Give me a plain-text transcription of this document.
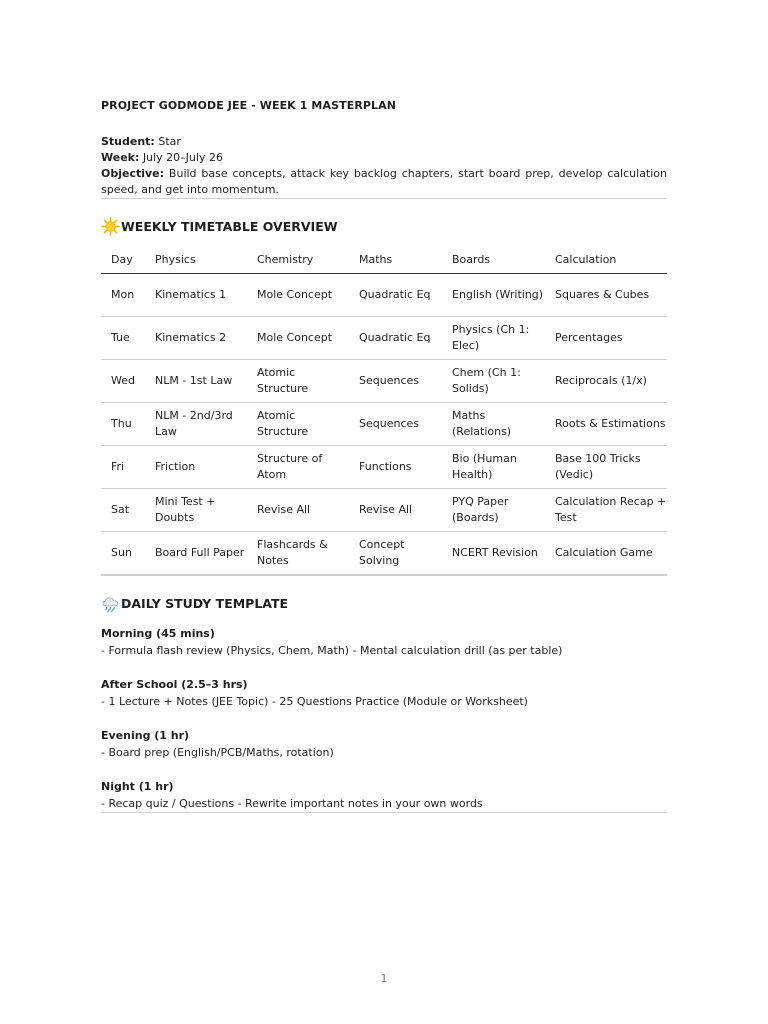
PROJECT GODMODE JEE - WEEK 1 MASTERPLAN

Student: Star

Week: July 20–July 26

Objective: Build base concepts, attack key backlog chapters, start board prep, develop calculation speed, and get into momentum.

WEEKLY TIMETABLE OVERVIEW
Day	Physics	Chemistry	Maths	Boards	Calculation
Mon	Kinematics 1	Mole Concept	Quadratic Eq	English (Writing)	Squares & Cubes
Tue	Kinematics 2	Mole Concept	Quadratic Eq	Physics (Ch 1: Elec)	Percentages
Wed	NLM - 1st Law	Atomic Structure	Sequences	Chem (Ch 1: Solids)	Reciprocals (1/x)
Thu	NLM - 2nd/3rd Law	Atomic Structure	Sequences	Maths (Relations)	Roots & Estimations
Fri	Friction	Structure of Atom	Functions	Bio (Human Health)	Base 100 Tricks (Vedic)
Sat	Mini Test + Doubts	Revise All	Revise All	PYQ Paper (Boards)	Calculation Recap + Test
Sun	Board Full Paper	Flashcards & Notes	Concept Solving	NCERT Revision	Calculation Game
DAILY STUDY TEMPLATE

Morning (45 mins)

- Formula flash review (Physics, Chem, Math) - Mental calculation drill (as per table)

After School (2.5–3 hrs)

- 1 Lecture + Notes (JEE Topic) - 25 Questions Practice (Module or Worksheet)

Evening (1 hr)

- Board prep (English/PCB/Maths, rotation)

Night (1 hr)

- Recap quiz / Questions - Rewrite important notes in your own words

1
